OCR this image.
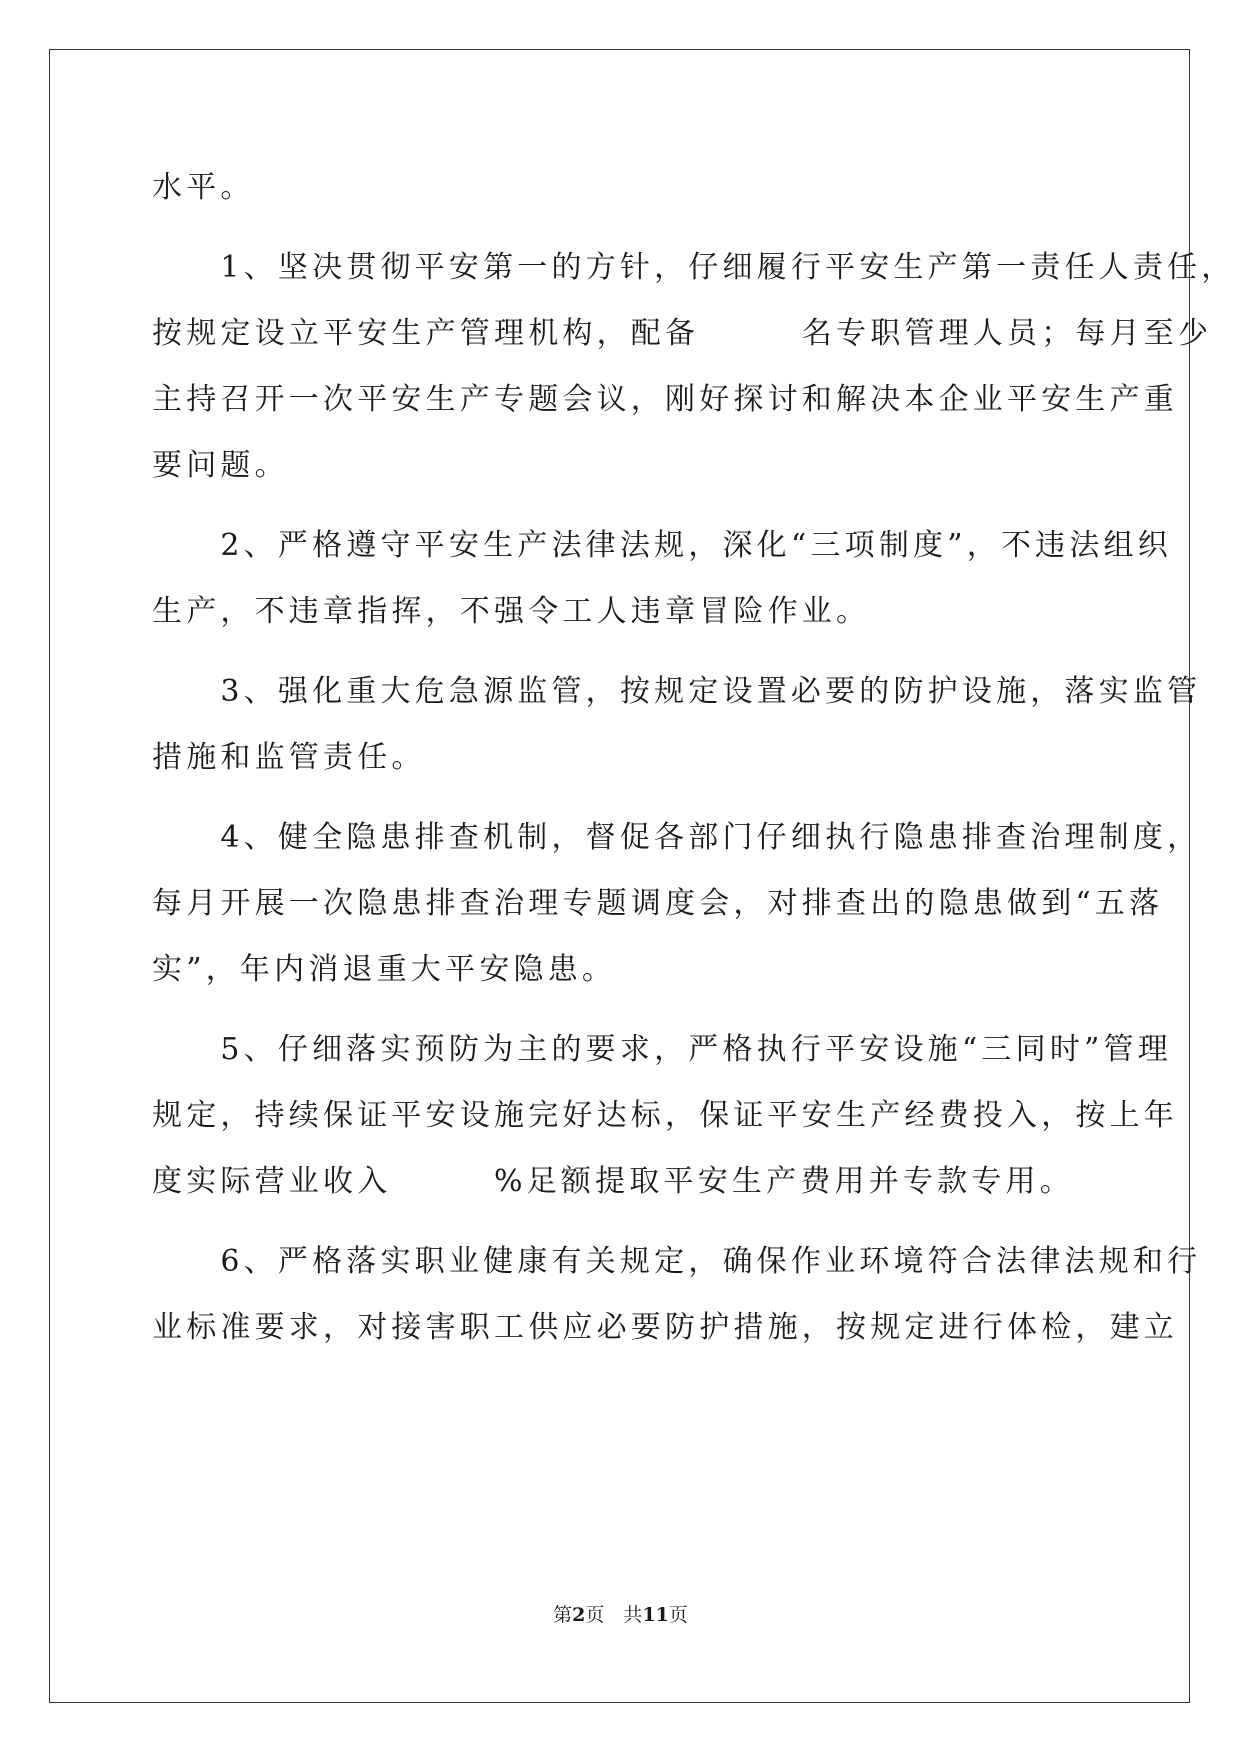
水平。
　　1、坚决贯彻平安第一的方针，仔细履行平安生产第一责任人责任，
按规定设立平安生产管理机构，配备　　　名专职管理人员；每月至少
主持召开一次平安生产专题会议，刚好探讨和解决本企业平安生产重
要问题。
　　2、严格遵守平安生产法律法规，深化“三项制度”，不违法组织
生产，不违章指挥，不强令工人违章冒险作业。
　　3、强化重大危急源监管，按规定设置必要的防护设施，落实监管
措施和监管责任。
　　4、健全隐患排查机制，督促各部门仔细执行隐患排查治理制度，
每月开展一次隐患排查治理专题调度会，对排查出的隐患做到“五落
实”，年内消退重大平安隐患。
　　5、仔细落实预防为主的要求，严格执行平安设施“三同时”管理
规定，持续保证平安设施完好达标，保证平安生产经费投入，按上年
度实际营业收入　　　%足额提取平安生产费用并专款专用。
　　6、严格落实职业健康有关规定，确保作业环境符合法律法规和行
业标准要求，对接害职工供应必要防护措施，按规定进行体检，建立
第2页　共11页
